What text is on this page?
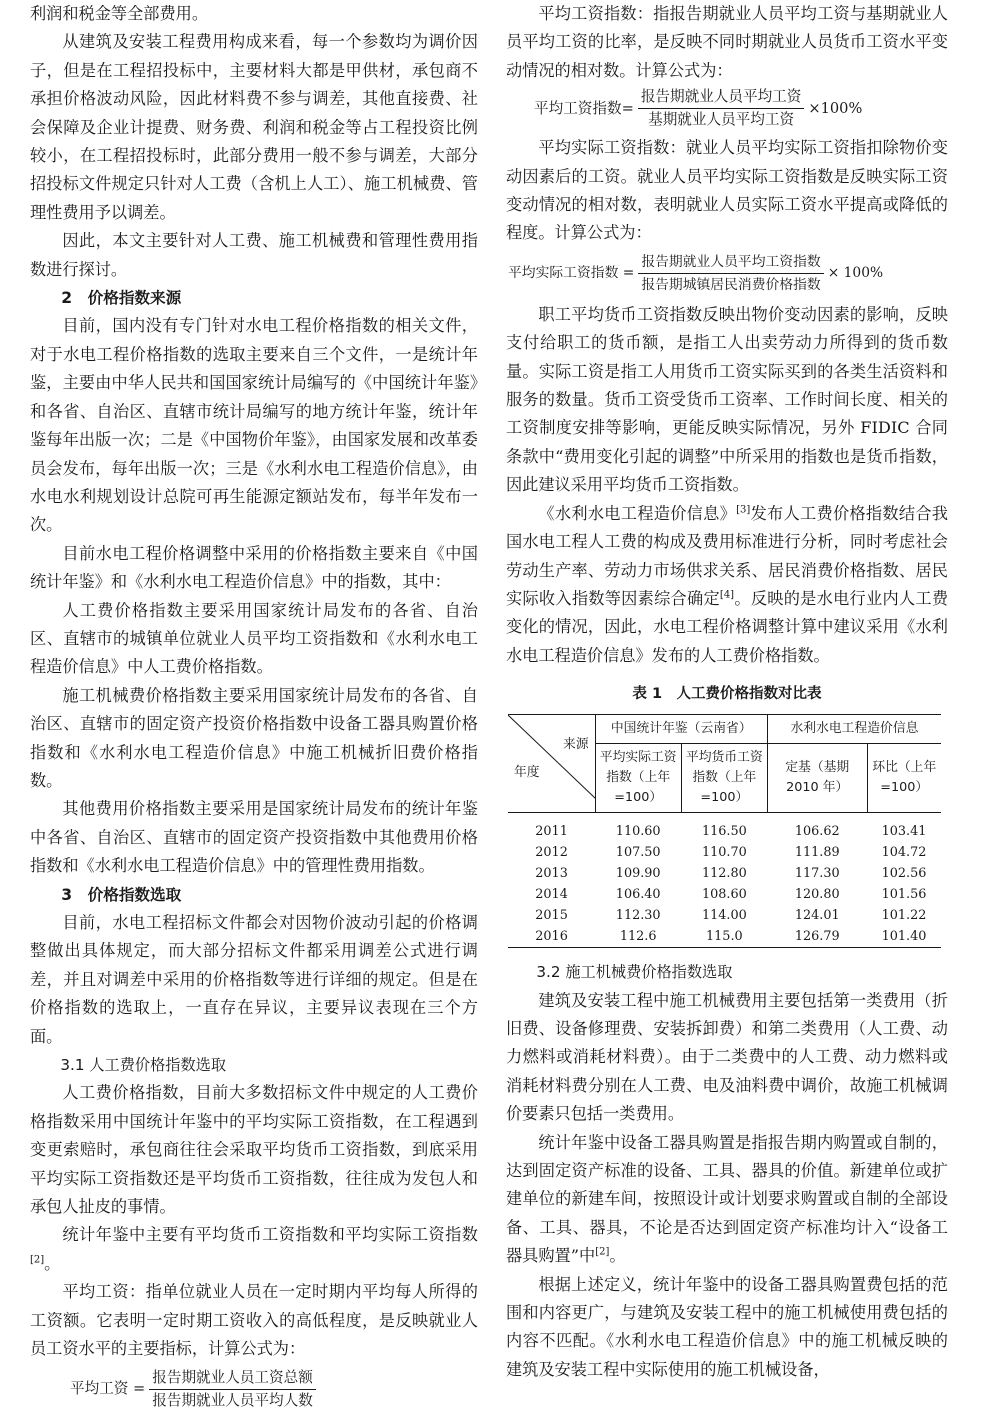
利润和税金等全部费用。

从建筑及安装工程费用构成来看，每一个参数均为调价因子，但是在工程招投标中，主要材料大都是甲供材，承包商不承担价格波动风险，因此材料费不参与调差，其他直接费、社会保障及企业计提费、财务费、利润和税金等占工程投资比例较小，在工程招投标时，此部分费用一般不参与调差，大部分招投标文件规定只针对人工费（含机上人工）、施工机械费、管理性费用予以调差。

因此，本文主要针对人工费、施工机械费和管理性费用指数进行探讨。

2　价格指数来源

目前，国内没有专门针对水电工程价格指数的相关文件，对于水电工程价格指数的选取主要来自三个文件，一是统计年鉴，主要由中华人民共和国国家统计局编写的《中国统计年鉴》和各省、自治区、直辖市统计局编写的地方统计年鉴，统计年鉴每年出版一次；二是《中国物价年鉴》，由国家发展和改革委员会发布，每年出版一次；三是《水利水电工程造价信息》，由水电水利规划设计总院可再生能源定额站发布，每半年发布一次。

目前水电工程价格调整中采用的价格指数主要来自《中国统计年鉴》和《水利水电工程造价信息》中的指数，其中：

人工费价格指数主要采用国家统计局发布的各省、自治区、直辖市的城镇单位就业人员平均工资指数和《水利水电工程造价信息》中人工费价格指数。

施工机械费价格指数主要采用国家统计局发布的各省、自治区、直辖市的固定资产投资价格指数中设备工器具购置价格指数和《水利水电工程造价信息》中施工机械折旧费价格指数。

其他费用价格指数主要采用是国家统计局发布的统计年鉴中各省、自治区、直辖市的固定资产投资指数中其他费用价格指数和《水利水电工程造价信息》中的管理性费用指数。

3　价格指数选取

目前，水电工程招标文件都会对因物价波动引起的价格调整做出具体规定，而大部分招标文件都采用调差公式进行调差，并且对调差中采用的价格指数等进行详细的规定。但是在价格指数的选取上，一直存在异议，主要异议表现在三个方面。

3.1 人工费价格指数选取

人工费价格指数，目前大多数招标文件中规定的人工费价格指数采用中国统计年鉴中的平均实际工资指数，在工程遇到变更索赔时，承包商往往会采取平均货币工资指数，到底采用平均实际工资指数还是平均货币工资指数，往往成为发包人和承包人扯皮的事情。

统计年鉴中主要有平均货币工资指数和平均实际工资指数[2]。

平均工资：指单位就业人员在一定时期内平均每人所得的工资额。它表明一定时期工资收入的高低程度，是反映就业人员工资水平的主要指标，计算公式为：

平均工资 = $\frac{\text{报告期就业人员工资总额}}{\text{报告期就业人员平均人数}}$

平均工资指数：指报告期就业人员平均工资与基期就业人员平均工资的比率，是反映不同时期就业人员货币工资水平变动情况的相对数。计算公式为：

平均工资指数 = $\frac{\text{报告期就业人员平均工资}}{\text{基期就业人员平均工资}} \times 100\%$

平均实际工资指数：就业人员平均实际工资指扣除物价变动因素后的工资。就业人员平均实际工资指数是反映实际工资变动情况的相对数，表明就业人员实际工资水平提高或降低的程度。计算公式为：

平均实际工资指数 = $\frac{\text{报告期就业人员平均工资指数}}{\text{报告期城镇居民消费价格指数}} \times 100\%$

职工平均货币工资指数反映出物价变动因素的影响，反映支付给职工的货币额，是指工人出卖劳动力所得到的货币数量。实际工资是指工人用货币工资实际买到的各类生活资料和服务的数量。货币工资受货币工资率、工作时间长度、相关的工资制度安排等影响，更能反映实际情况，另外 FIDIC 合同条款中“费用变化引起的调整”中所采用的指数也是货币指数，因此建议采用平均货币工资指数。

《水利水电工程造价信息》[3]发布人工费价格指数结合我国水电工程人工费的构成及费用标准进行分析，同时考虑社会劳动生产率、劳动力市场供求关系、居民消费价格指数、居民实际收入指数等因素综合确定[4]。反映的是水电行业内人工费变化的情况，因此，水电工程价格调整计算中建议采用《水利水电工程造价信息》发布的人工费价格指数。

表 1　人工费价格指数对比表
来源
年度	中国统计年鉴（云南省）		水利水电工程造价信息	
	平均实际工资指数（上年=100）	平均货币工资指数（上年=100）	定基（基期 2010 年）	环比（上年=100）

2011	110.60	116.50	106.62	103.41
2012	107.50	110.70	111.89	104.72
2013	109.90	112.80	117.30	102.56
2014	106.40	108.60	120.80	101.56
2015	112.30	114.00	124.01	101.22
2016	112.6	115.0	126.79	101.40

3.2 施工机械费价格指数选取

建筑及安装工程中施工机械费用主要包括第一类费用（折旧费、设备修理费、安装拆卸费）和第二类费用（人工费、动力燃料或消耗材料费）。由于二类费中的人工费、动力燃料或消耗材料费分别在人工费、电及油料费中调价，故施工机械调价要素只包括一类费用。

统计年鉴中设备工器具购置是指报告期内购置或自制的，达到固定资产标准的设备、工具、器具的价值。新建单位或扩建单位的新建车间，按照设计或计划要求购置或自制的全部设备、工具、器具，不论是否达到固定资产标准均计入“设备工器具购置”中[2]。

根据上述定义，统计年鉴中的设备工器具购置费包括的范围和内容更广，与建筑及安装工程中的施工机械使用费包括的内容不匹配。《水利水电工程造价信息》中的施工机械反映的建筑及安装工程中实际使用的施工机械设备，
